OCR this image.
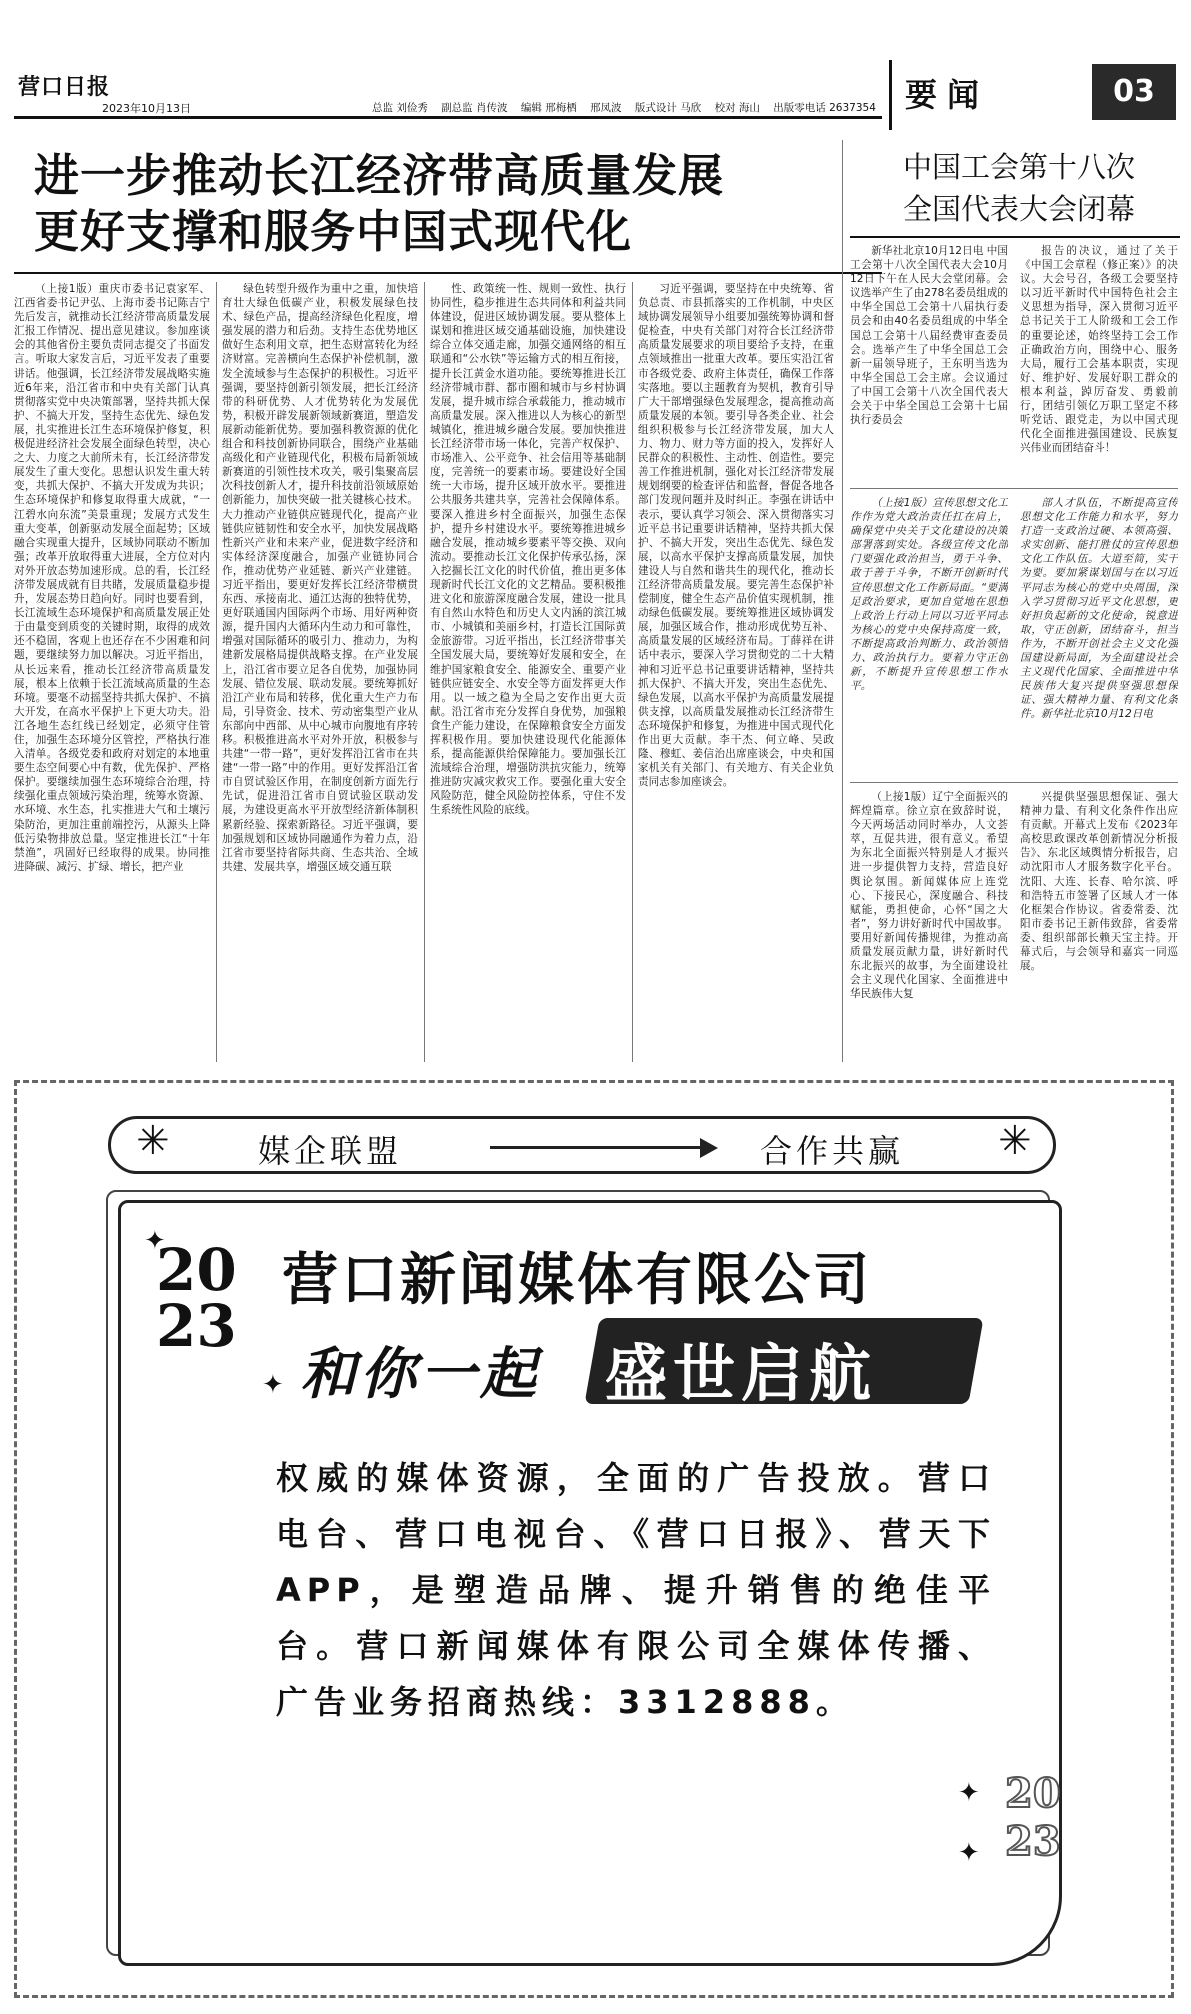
营口日报
2023年10月13日	总监 刘俭秀 副总监 肖传波 编辑 邢梅栖 邢凤波 版式设计 马欣 校对 海山 出版零电话 2637354 要闻	03
进一步推动长江经济带高质量发展
更好支撑和服务中国式现代化

（上接1版）重庆市委书记袁家军、江西省委书记尹弘、上海市委书记陈吉宁先后发言，就推动长江经济带高质量发展汇报工作情况、提出意见建议。参加座谈会的其他省份主要负责同志提交了书面发言。听取大家发言后，习近平发表了重要讲话。他强调，长江经济带发展战略实施近6年来，沿江省市和中央有关部门认真贯彻落实党中央决策部署，坚持共抓大保护、不搞大开发，坚持生态优先、绿色发展，扎实推进长江生态环境保护修复，积极促进经济社会发展全面绿色转型，决心之大、力度之大前所未有，长江经济带发展发生了重大变化。思想认识发生重大转变，共抓大保护、不搞大开发成为共识；生态环境保护和修复取得重大成就，“一江碧水向东流”美景重现；发展方式发生重大变革，创新驱动发展全面起势；区域融合实现重大提升，区域协同联动不断加强；改革开放取得重大进展，全方位对内对外开放态势加速形成。总的看，长江经济带发展成就有目共睹，发展质量稳步提升，发展态势日趋向好。同时也要看到，长江流域生态环境保护和高质量发展正处于由量变到质变的关键时期，取得的成效还不稳固，客观上也还存在不少困难和问题，要继续努力加以解决。习近平指出，从长远来看，推动长江经济带高质量发展，根本上依赖于长江流域高质量的生态环境。要毫不动摇坚持共抓大保护、不搞大开发，在高水平保护上下更大功夫。沿江各地生态红线已经划定，必须守住管住，加强生态环境分区管控，严格执行准入清单。各级党委和政府对划定的本地重要生态空间要心中有数，优先保护、严格保护。要继续加强生态环境综合治理，持续强化重点领域污染治理，统筹水资源、水环境、水生态，扎实推进大气和土壤污染防治，更加注重前端控污，从源头上降低污染物排放总量。坚定推进长江“十年禁渔”，巩固好已经取得的成果。协同推进降碳、减污、扩绿、增长，把产业

绿色转型升级作为重中之重，加快培育壮大绿色低碳产业，积极发展绿色技术、绿色产品，提高经济绿色化程度，增强发展的潜力和后劲。支持生态优势地区做好生态利用文章，把生态财富转化为经济财富。完善横向生态保护补偿机制，激发全流域参与生态保护的积极性。习近平强调，要坚持创新引领发展，把长江经济带的科研优势、人才优势转化为发展优势，积极开辟发展新领域新赛道，塑造发展新动能新优势。要加强科教资源的优化组合和科技创新协同联合，围绕产业基础高级化和产业链现代化，积极布局新领域新赛道的引领性技术攻关，吸引集聚高层次科技创新人才，提升科技前沿领域原始创新能力，加快突破一批关键核心技术。大力推动产业链供应链现代化，提高产业链供应链韧性和安全水平，加快发展战略性新兴产业和未来产业，促进数字经济和实体经济深度融合，加强产业链协同合作，推动优势产业延链、新兴产业建链。习近平指出，要更好发挥长江经济带横贯东西、承接南北、通江达海的独特优势，更好联通国内国际两个市场、用好两种资源，提升国内大循环内生动力和可靠性，增强对国际循环的吸引力、推动力，为构建新发展格局提供战略支撑。在产业发展上，沿江省市要立足各自优势，加强协同发展、错位发展、联动发展。要统筹抓好沿江产业布局和转移，优化重大生产力布局，引导资金、技术、劳动密集型产业从东部向中西部、从中心城市向腹地有序转移。积极推进高水平对外开放，积极参与共建“一带一路”，更好发挥沿江省市在共建“一带一路”中的作用。更好发挥沿江省市自贸试验区作用，在制度创新方面先行先试，促进沿江省市自贸试验区联动发展，为建设更高水平开放型经济新体制积累新经验、探索新路径。习近平强调，要加强规划和区域协同融通作为着力点，沿江省市要坚持省际共商、生态共治、全域共建、发展共享，增强区域交通互联

性、政策统一性、规则一致性、执行协同性，稳步推进生态共同体和利益共同体建设，促进区域协调发展。要从整体上谋划和推进区域交通基础设施，加快建设综合立体交通走廊，加强交通网络的相互联通和“公水铁”等运输方式的相互衔接，提升长江黄金水道功能。要统筹推进长江经济带城市群、都市圈和城市与乡村协调发展，提升城市综合承载能力，推动城市高质量发展。深入推进以人为核心的新型城镇化，推进城乡融合发展。要加快推进长江经济带市场一体化，完善产权保护、市场准入、公平竞争、社会信用等基础制度，完善统一的要素市场。要建设好全国统一大市场，提升区域开放水平。要推进公共服务共建共享，完善社会保障体系。要深入推进乡村全面振兴，加强生态保护，提升乡村建设水平。要统筹推进城乡融合发展，推动城乡要素平等交换、双向流动。要推动长江文化保护传承弘扬，深入挖掘长江文化的时代价值，推出更多体现新时代长江文化的文艺精品。要积极推进文化和旅游深度融合发展，建设一批具有自然山水特色和历史人文内涵的滨江城市、小城镇和美丽乡村，打造长江国际黄金旅游带。习近平指出，长江经济带事关全国发展大局，要统筹好发展和安全，在维护国家粮食安全、能源安全、重要产业链供应链安全、水安全等方面发挥更大作用。以一域之稳为全局之安作出更大贡献。沿江省市充分发挥自身优势，加强粮食生产能力建设，在保障粮食安全方面发挥积极作用。要加快建设现代化能源体系，提高能源供给保障能力。要加强长江流域综合治理，增强防洪抗灾能力，统筹推进防灾减灾救灾工作。要强化重大安全风险防范，健全风险防控体系，守住不发生系统性风险的底线。

习近平强调，要坚持在中央统筹、省负总责、市县抓落实的工作机制，中央区域协调发展领导小组要加强统筹协调和督促检查，中央有关部门对符合长江经济带高质量发展要求的项目要给予支持，在重点领域推出一批重大改革。要压实沿江省市各级党委、政府主体责任，确保工作落实落地。要以主题教育为契机，教育引导广大干部增强绿色发展理念，提高推动高质量发展的本领。要引导各类企业、社会组织积极参与长江经济带发展，加大人力、物力、财力等方面的投入，发挥好人民群众的积极性、主动性、创造性。要完善工作推进机制，强化对长江经济带发展规划纲要的检查评估和监督，督促各地各部门发现问题并及时纠正。李强在讲话中表示，要认真学习领会、深入贯彻落实习近平总书记重要讲话精神，坚持共抓大保护、不搞大开发，突出生态优先、绿色发展，以高水平保护支撑高质量发展，加快建设人与自然和谐共生的现代化，推动长江经济带高质量发展。要完善生态保护补偿制度，健全生态产品价值实现机制，推动绿色低碳发展。要统筹推进区域协调发展，加强区域合作，推动形成优势互补、高质量发展的区域经济布局。丁薛祥在讲话中表示，要深入学习贯彻党的二十大精神和习近平总书记重要讲话精神，坚持共抓大保护、不搞大开发，突出生态优先、绿色发展，以高水平保护为高质量发展提供支撑，以高质量发展推动长江经济带生态环境保护和修复，为推进中国式现代化作出更大贡献。李干杰、何立峰、吴政隆、穆虹、姜信治出席座谈会，中央和国家机关有关部门、有关地方、有关企业负责同志参加座谈会。

中国工会第十八次
全国代表大会闭幕

新华社北京10月12日电 中国工会第十八次全国代表大会10月12日下午在人民大会堂闭幕。会议选举产生了由278名委员组成的中华全国总工会第十八届执行委员会和由40名委员组成的中华全国总工会第十八届经费审查委员会。选举产生了中华全国总工会新一届领导班子，王东明当选为中华全国总工会主席。会议通过了中国工会第十八次全国代表大会关于中华全国总工会第十七届执行委员会

报告的决议，通过了关于《中国工会章程（修正案）》的决议。大会号召，各级工会要坚持以习近平新时代中国特色社会主义思想为指导，深入贯彻习近平总书记关于工人阶级和工会工作的重要论述，始终坚持工会工作正确政治方向，围绕中心、服务大局，履行工会基本职责，实现好、维护好、发展好职工群众的根本利益，踔厉奋发、勇毅前行，团结引领亿万职工坚定不移听党话、跟党走，为以中国式现代化全面推进强国建设、民族复兴伟业而团结奋斗！

（上接1版）宣传思想文化工作作为党大政治责任扛在肩上，确保党中央关于文化建设的决策部署落到实处。各级宣传文化部门要强化政治担当，勇于斗争、敢于善于斗争，不断开创新时代宣传思想文化工作新局面。“要满足政治要求，更加自觉地在思想上政治上行动上同以习近平同志为核心的党中央保持高度一致，不断提高政治判断力、政治领悟力、政治执行力。要着力守正创新，不断提升宣传思想工作水平。

部人才队伍，不断提高宣传思想文化工作能力和水平，努力打造一支政治过硬、本领高强、求实创新、能打胜仗的宣传思想文化工作队伍。大道至简，实干为要。要加紧谋划国与在以习近平同志为核心的党中央周围，深入学习贯彻习近平文化思想，更好担负起新的文化使命，锐意进取，守正创新，团结奋斗，担当作为，不断开创社会主义文化强国建设新局面，为全面建设社会主义现代化国家、全面推进中华民族伟大复兴提供坚强思想保证、强大精神力量、有利文化条件。新华社北京10月12日电

（上接1版）辽宁全面振兴的辉煌篇章。徐立京在致辞时说，今天两场活动同时举办，人文荟萃，互促共进，很有意义。希望为东北全面振兴特别是人才振兴进一步提供智力支持，营造良好舆论氛围。新闻媒体应上连党心、下接民心，深度融合、科技赋能，勇担使命，心怀“国之大者”，努力讲好新时代中国故事。要用好新闻传播规律，为推动高质量发展贡献力量，讲好新时代东北振兴的故事，为全面建设社会主义现代化国家、全面推进中华民族伟大复

兴提供坚强思想保证、强大精神力量、有利文化条件作出应有贡献。开幕式上发布《2023年高校思政课改革创新情况分析报告》、东北区域舆情分析报告，启动沈阳市人才服务数字化平台。沈阳、大连、长春、哈尔滨、呼和浩特五市签署了区域人才一体化框架合作协议。省委常委、沈阳市委书记王新伟致辞，省委常委、组织部部长赖天宝主持。开幕式后，与会领导和嘉宾一同巡展。

✳	✳
媒企联盟	合作共赢
✦
20
23
营口新闻媒体有限公司
✦ 和你一起 盛世启航
权威的媒体资源，全面的广告投放。营口电台、营口电视台、《营口日报》、营天下APP，是塑造品牌、提升销售的绝佳平台。营口新闻媒体有限公司全媒体传播、广告业务招商热线：3312888。
✦
✦
20
23
